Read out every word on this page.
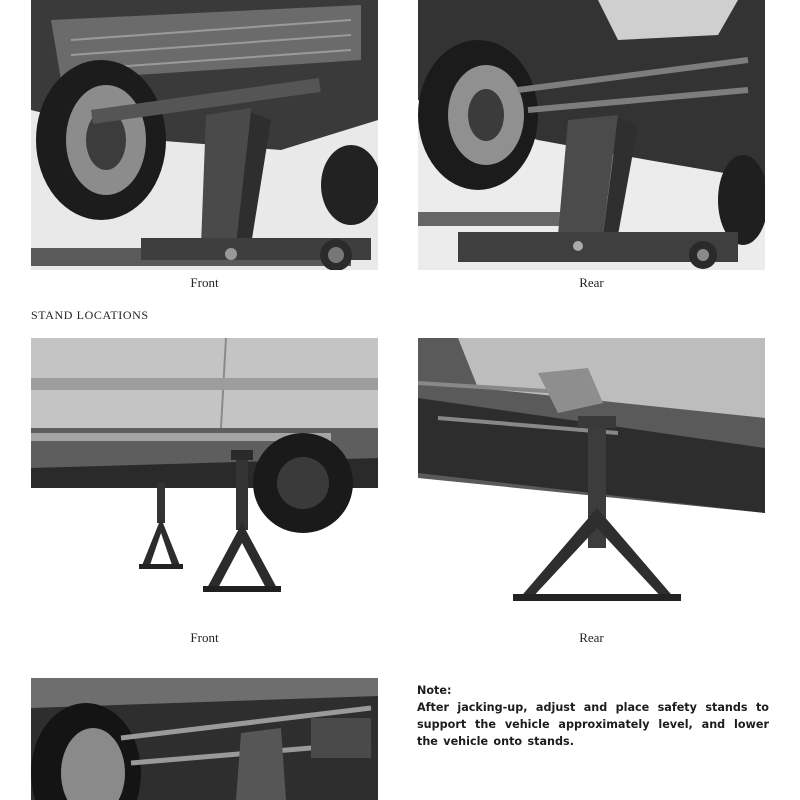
Front	Rear
STAND LOCATIONS
Front	Rear

Note:

After jacking-up, adjust and place safety stands to support the vehicle approximately level, and lower the vehicle onto stands.
